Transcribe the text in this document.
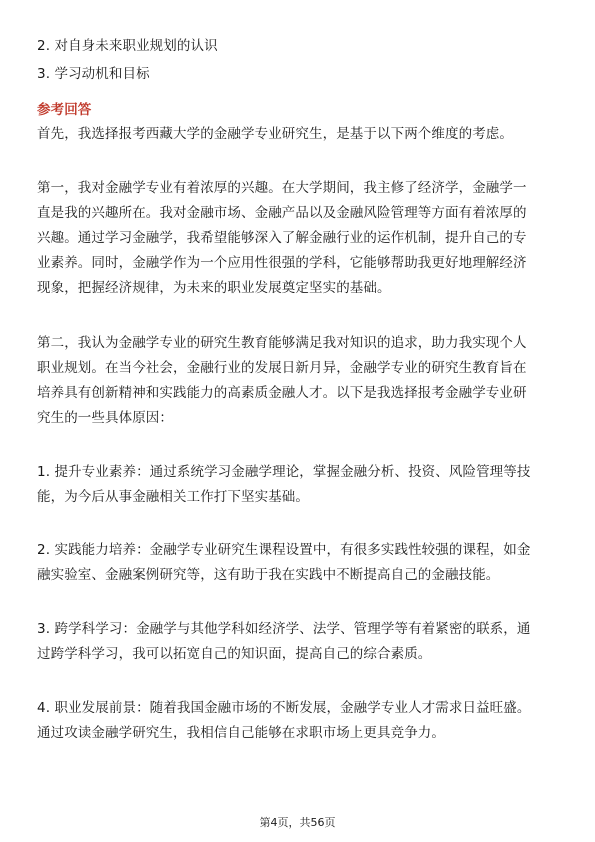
2. 对自身未来职业规划的认识
3. 学习动机和目标
参考回答
首先，我选择报考西藏大学的金融学专业研究生，是基于以下两个维度的考虑。
第一，我对金融学专业有着浓厚的兴趣。在大学期间，我主修了经济学，金融学一
直是我的兴趣所在。我对金融市场、金融产品以及金融风险管理等方面有着浓厚的
兴趣。通过学习金融学，我希望能够深入了解金融行业的运作机制，提升自己的专
业素养。同时，金融学作为一个应用性很强的学科，它能够帮助我更好地理解经济
现象，把握经济规律，为未来的职业发展奠定坚实的基础。
第二，我认为金融学专业的研究生教育能够满足我对知识的追求，助力我实现个人
职业规划。在当今社会，金融行业的发展日新月异，金融学专业的研究生教育旨在
培养具有创新精神和实践能力的高素质金融人才。以下是我选择报考金融学专业研
究生的一些具体原因：
1. 提升专业素养：通过系统学习金融学理论，掌握金融分析、投资、风险管理等技
能，为今后从事金融相关工作打下坚实基础。
2. 实践能力培养：金融学专业研究生课程设置中，有很多实践性较强的课程，如金
融实验室、金融案例研究等，这有助于我在实践中不断提高自己的金融技能。
3. 跨学科学习：金融学与其他学科如经济学、法学、管理学等有着紧密的联系，通
过跨学科学习，我可以拓宽自己的知识面，提高自己的综合素质。
4. 职业发展前景：随着我国金融市场的不断发展，金融学专业人才需求日益旺盛。
通过攻读金融学研究生，我相信自己能够在求职市场上更具竞争力。
第4页，共56页
